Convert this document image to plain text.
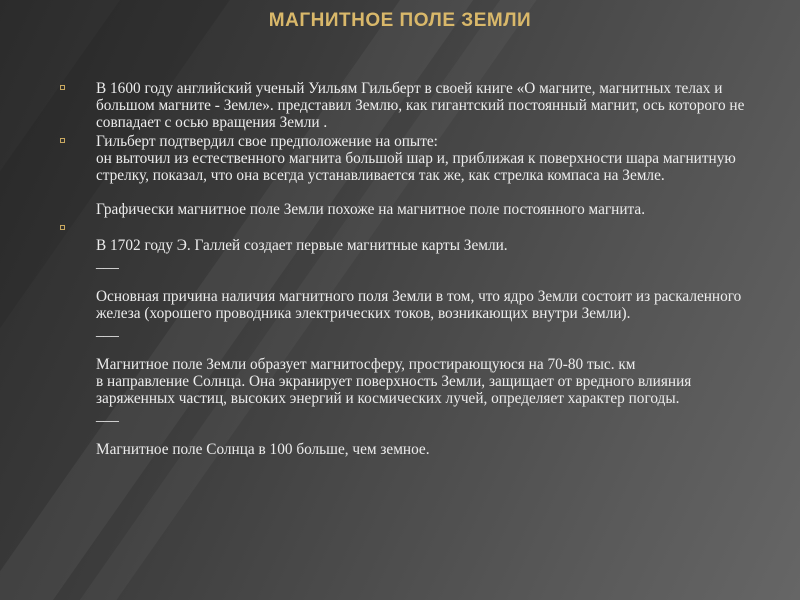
МАГНИТНОЕ ПОЛЕ ЗЕМЛИ
В 1600 году английский ученый Уильям Гильберт в своей книге «О магните, магнитных телах и большом магните - Земле». представил Землю, как гигантский постоянный магнит, ось которого не совпадает с осью вращения Земли .
Гильберт подтвердил свое предположение на опыте:
он выточил из естественного магнита большой шар и, приближая к поверхности шара магнитную стрелку, показал, что она всегда устанавливается так же, как стрелка компаса на Земле.
Графически магнитное поле Земли похоже на магнитное поле постоянного магнита.
В 1702 году Э. Галлей создает первые магнитные карты Земли.
___
Основная причина наличия магнитного поля Земли в том, что ядро Земли состоит из раскаленного железа (хорошего проводника электрических токов, возникающих внутри Земли).
___
Магнитное поле Земли образует магнитосферу, простирающуюся на 70-80 тыс. км
в направление Солнца. Она экранирует поверхность Земли, защищает от вредного влияния
заряженных частиц, высоких энергий и космических лучей, определяет характер погоды.
___
Магнитное поле Солнца в 100 больше, чем земное.
